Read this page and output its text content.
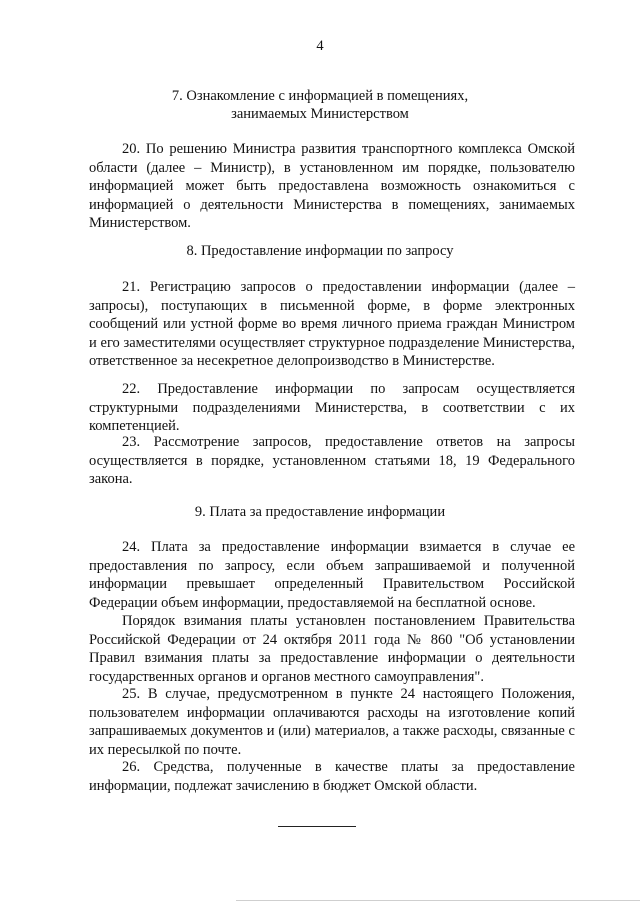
4
7. Ознакомление с информацией в помещениях,
занимаемых Министерством
20. По решению Министра развития транспортного комплекса Омской области (далее – Министр), в установленном им порядке, пользователю информацией может быть предоставлена возможность ознакомиться с информацией о деятельности Министерства в помещениях, занимаемых Министерством.
8. Предоставление информации по запросу
21. Регистрацию запросов о предоставлении информации (далее – запросы), поступающих в письменной форме, в форме электронных сообщений или устной форме во время личного приема граждан Министром и его заместителями осуществляет структурное подразделение Министерства, ответственное за несекретное делопроизводство в Министерстве.
22. Предоставление информации по запросам осуществляется структурными подразделениями Министерства, в соответствии с их компетенцией.
23. Рассмотрение запросов, предоставление ответов на запросы осуществляется в порядке, установленном статьями 18, 19 Федерального закона.
9. Плата за предоставление информации
24. Плата за предоставление информации взимается в случае ее предоставления по запросу, если объем запрашиваемой и полученной информации превышает определенный Правительством Российской Федерации объем информации, предоставляемой на бесплатной основе.
Порядок взимания платы установлен постановлением Правительства Российской Федерации от 24 октября 2011 года № 860 "Об установлении Правил взимания платы за предоставление информации о деятельности государственных органов и органов местного самоуправления".
25. В случае, предусмотренном в пункте 24 настоящего Положения, пользователем информации оплачиваются расходы на изготовление копий запрашиваемых документов и (или) материалов, а также расходы, связанные с их пересылкой по почте.
26. Средства, полученные в качестве платы за предоставление информации, подлежат зачислению в бюджет Омской области.
